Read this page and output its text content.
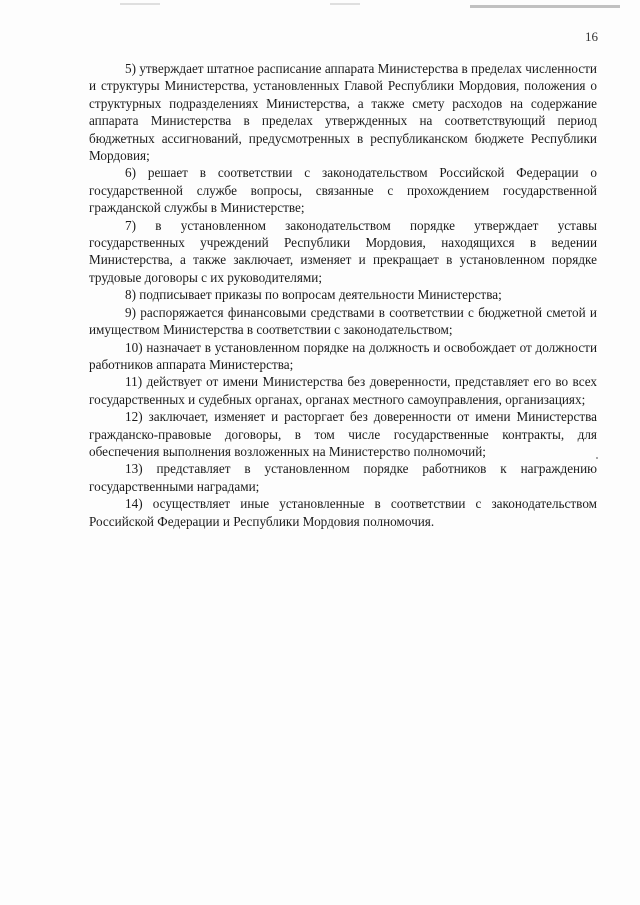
16

5) утверждает штатное расписание аппарата Министерства в пределах численности и структуры Министерства, установленных Главой Республики Мордовия, положения о структурных подразделениях Министерства, а также смету расходов на содержание аппарата Министерства в пределах утвержденных на соответствующий период бюджетных ассигнований, предусмотренных в республиканском бюджете Республики Мордовия;

6) решает в соответствии с законодательством Российской Федерации о государственной службе вопросы, связанные с прохождением государственной гражданской службы в Министерстве;

7) в установленном законодательством порядке утверждает уставы государственных учреждений Республики Мордовия, находящихся в ведении Министерства, а также заключает, изменяет и прекращает в установленном порядке трудовые договоры с их руководителями;

8) подписывает приказы по вопросам деятельности Министерства;

9) распоряжается финансовыми средствами в соответствии с бюджетной сметой и имуществом Министерства в соответствии с законодательством;

10) назначает в установленном порядке на должность и освобождает от должности работников аппарата Министерства;

11) действует от имени Министерства без доверенности, представляет его во всех государственных и судебных органах, органах местного самоуправления, организациях;

12) заключает, изменяет и расторгает без доверенности от имени Министерства гражданско-правовые договоры, в том числе государственные контракты, для обеспечения выполнения возложенных на Министерство полномочий;

13) представляет в установленном порядке работников к награждению государственными наградами;

14) осуществляет иные установленные в соответствии с законодательством Российской Федерации и Республики Мордовия полномочия.
